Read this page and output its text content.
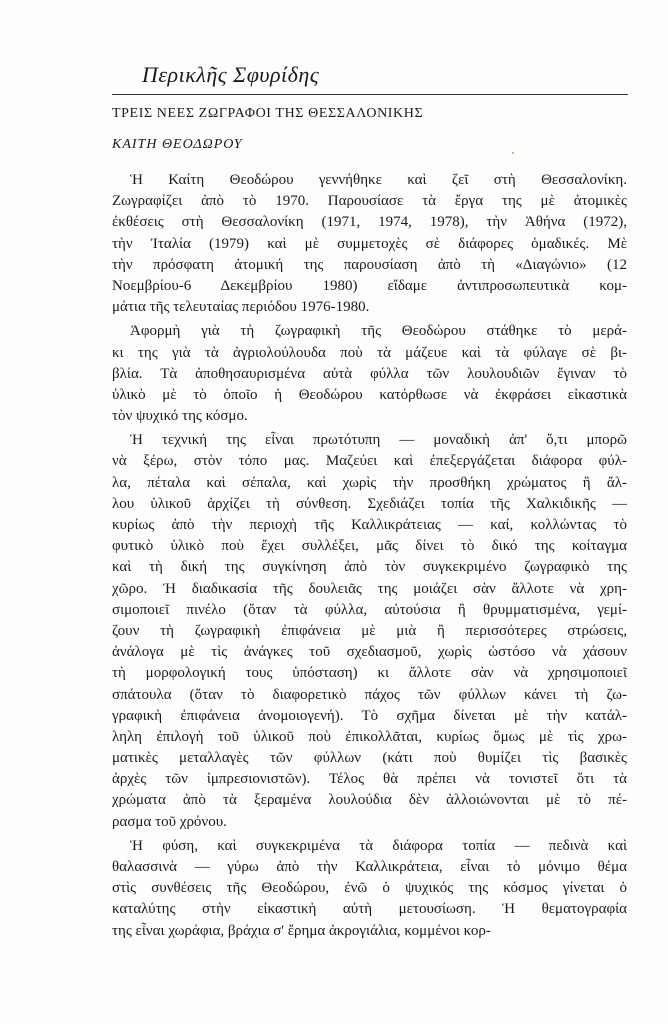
Περικλῆς Σφυρίδης
ΤΡΕΙΣ ΝΕΕΣ ΖΩΓΡΑΦΟΙ ΤΗΣ ΘΕΣΣΑΛΟΝΙΚΗΣ
ΚΑΙΤΗ ΘΕΟΔΩΡΟΥ
Ἡ Καίτη Θεοδώρου γεννήθηκε καὶ ζεῖ στὴ Θεσσαλονίκη.
Ζωγραφίζει ἀπὸ τὸ 1970. Παρουσίασε τὰ ἔργα της μὲ ἀτομικὲς
ἐκθέσεις στὴ Θεσσαλονίκη (1971, 1974, 1978), τὴν Ἀθήνα (1972),
τὴν Ἰταλία (1979) καὶ μὲ συμμετοχὲς σὲ διάφορες ὁμαδικές. Μὲ
τὴν πρόσφατη ἀτομική της παρουσίαση ἀπὸ τὴ «Διαγώνιο» (12
Νοεμβρίου-6 Δεκεμβρίου 1980) εἴδαμε ἀντιπροσωπευτικὰ κομ-
μάτια τῆς τελευταίας περιόδου 1976-1980.
Ἀφορμὴ γιὰ τὴ ζωγραφικὴ τῆς Θεοδώρου στάθηκε τὸ μερά-
κι της γιὰ τὰ ἀγριολούλουδα ποὺ τὰ μάζευε καὶ τὰ φύλαγε σὲ βι-
βλία. Τὰ ἀποθησαυρισμένα αὐτὰ φύλλα τῶν λουλουδιῶν ἔγιναν τὸ
ὑλικὸ μὲ τὸ ὁποῖο ἡ Θεοδώρου κατόρθωσε νὰ ἐκφράσει εἰκαστικὰ
τὸν ψυχικό της κόσμο.
Ἡ τεχνική της εἶναι πρωτότυπη — μοναδικὴ ἀπ' ὅ,τι μπορῶ
νὰ ξέρω, στὸν τόπο μας. Μαζεύει καὶ ἐπεξεργάζεται διάφορα φύλ-
λα, πέταλα καὶ σέπαλα, καὶ χωρὶς τὴν προσθήκη χρώματος ἢ ἄλ-
λου ὑλικοῦ ἀρχίζει τὴ σύνθεση. Σχεδιάζει τοπία τῆς Χαλκιδικῆς —
κυρίως ἀπὸ τὴν περιοχὴ τῆς Καλλικράτειας — καί, κολλώντας τὸ
φυτικὸ ὑλικὸ ποὺ ἔχει συλλέξει, μᾶς δίνει τὸ δικό της κοίταγμα
καὶ τὴ δική της συγκίνηση ἀπὸ τὸν συγκεκριμένο ζωγραφικὸ της
χῶρο. Ἡ διαδικασία τῆς δουλειᾶς της μοιάζει σὰν ἄλλοτε νὰ χρη-
σιμοποιεῖ πινέλο (ὅταν τὰ φύλλα, αὐτούσια ἢ θρυμματισμένα, γεμί-
ζουν τὴ ζωγραφικὴ ἐπιφάνεια μὲ μιὰ ἢ περισσότερες στρώσεις,
ἀνάλογα μὲ τὶς ἀνάγκες τοῦ σχεδιασμοῦ, χωρὶς ὡστόσο νὰ χάσουν
τὴ μορφολογική τους ὑπόσταση) κι ἄλλοτε σὰν νὰ χρησιμοποιεῖ
σπάτουλα (ὅταν τὸ διαφορετικὸ πάχος τῶν φύλλων κάνει τὴ ζω-
γραφικὴ ἐπιφάνεια ἀνομοιογενή). Τὸ σχῆμα δίνεται μὲ τὴν κατάλ-
ληλη ἐπιλογὴ τοῦ ὑλικοῦ ποὺ ἐπικολλᾶται, κυρίως ὅμως μὲ τὶς χρω-
ματικὲς μεταλλαγὲς τῶν φύλλων (κάτι ποὺ θυμίζει τὶς βασικὲς
ἀρχὲς τῶν ἰμπρεσιονιστῶν). Τέλος θὰ πρέπει νὰ τονιστεῖ ὅτι τὰ
χρώματα ἀπὸ τὰ ξεραμένα λουλούδια δὲν ἀλλοιώνονται μὲ τὸ πέ-
ρασμα τοῦ χρόνου.
Ἡ φύση, καὶ συγκεκριμένα τὰ διάφορα τοπία — πεδινὰ καὶ
θαλασσινὰ — γύρω ἀπὸ τὴν Καλλικράτεια, εἶναι τὸ μόνιμο θέμα
στὶς συνθέσεις τῆς Θεοδώρου, ἐνῶ ὁ ψυχικός της κόσμος γίνεται ὁ
καταλύτης στὴν εἰκαστικὴ αὐτὴ μετουσίωση. Ἡ θεματογραφία
της εἶναι χωράφια, βράχια σ' ἔρημα ἀκρογιάλια, κομμένοι κορ-
